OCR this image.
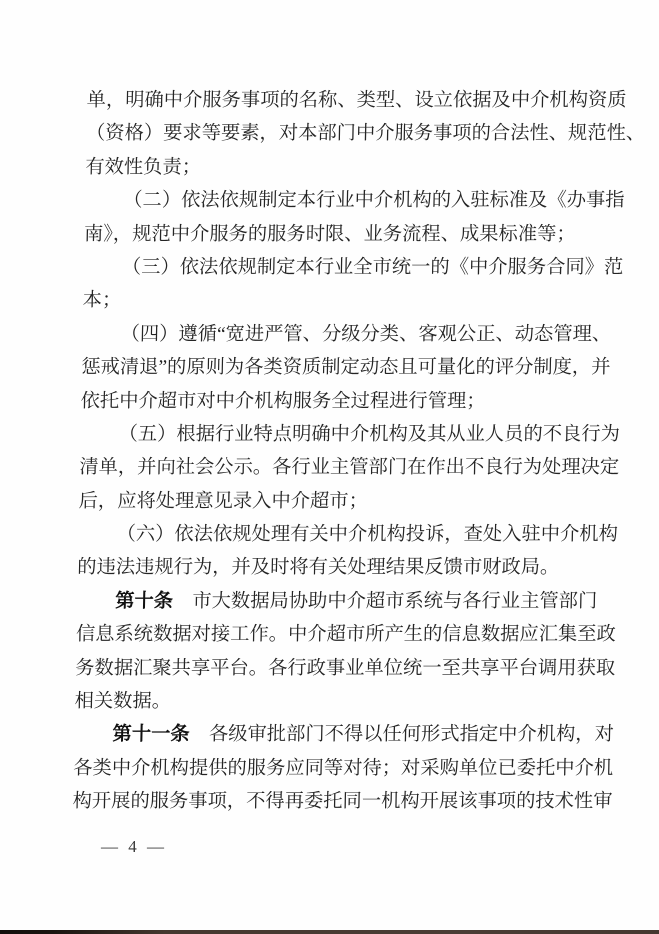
单，明确中介服务事项的名称、类型、设立依据及中介机构资质
（资格）要求等要素，对本部门中介服务事项的合法性、规范性、
有效性负责；
（二）依法依规制定本行业中介机构的入驻标准及《办事指
南》，规范中介服务的服务时限、业务流程、成果标准等；
（三）依法依规制定本行业全市统一的《中介服务合同》范
本；
（四）遵循“宽进严管、分级分类、客观公正、动态管理、
惩戒清退”的原则为各类资质制定动态且可量化的评分制度，并
依托中介超市对中介机构服务全过程进行管理；
（五）根据行业特点明确中介机构及其从业人员的不良行为
清单，并向社会公示。各行业主管部门在作出不良行为处理决定
后，应将处理意见录入中介超市；
（六）依法依规处理有关中介机构投诉，查处入驻中介机构
的违法违规行为，并及时将有关处理结果反馈市财政局。
第十条　 市大数据局协助中介超市系统与各行业主管部门
信息系统数据对接工作。中介超市所产生的信息数据应汇集至政
务数据汇聚共享平台。各行政事业单位统一至共享平台调用获取
相关数据。
第十一条　 各级审批部门不得以任何形式指定中介机构，对
各类中介机构提供的服务应同等对待；对采购单位已委托中介机
构开展的服务事项，不得再委托同一机构开展该事项的技术性审
— 4 —
